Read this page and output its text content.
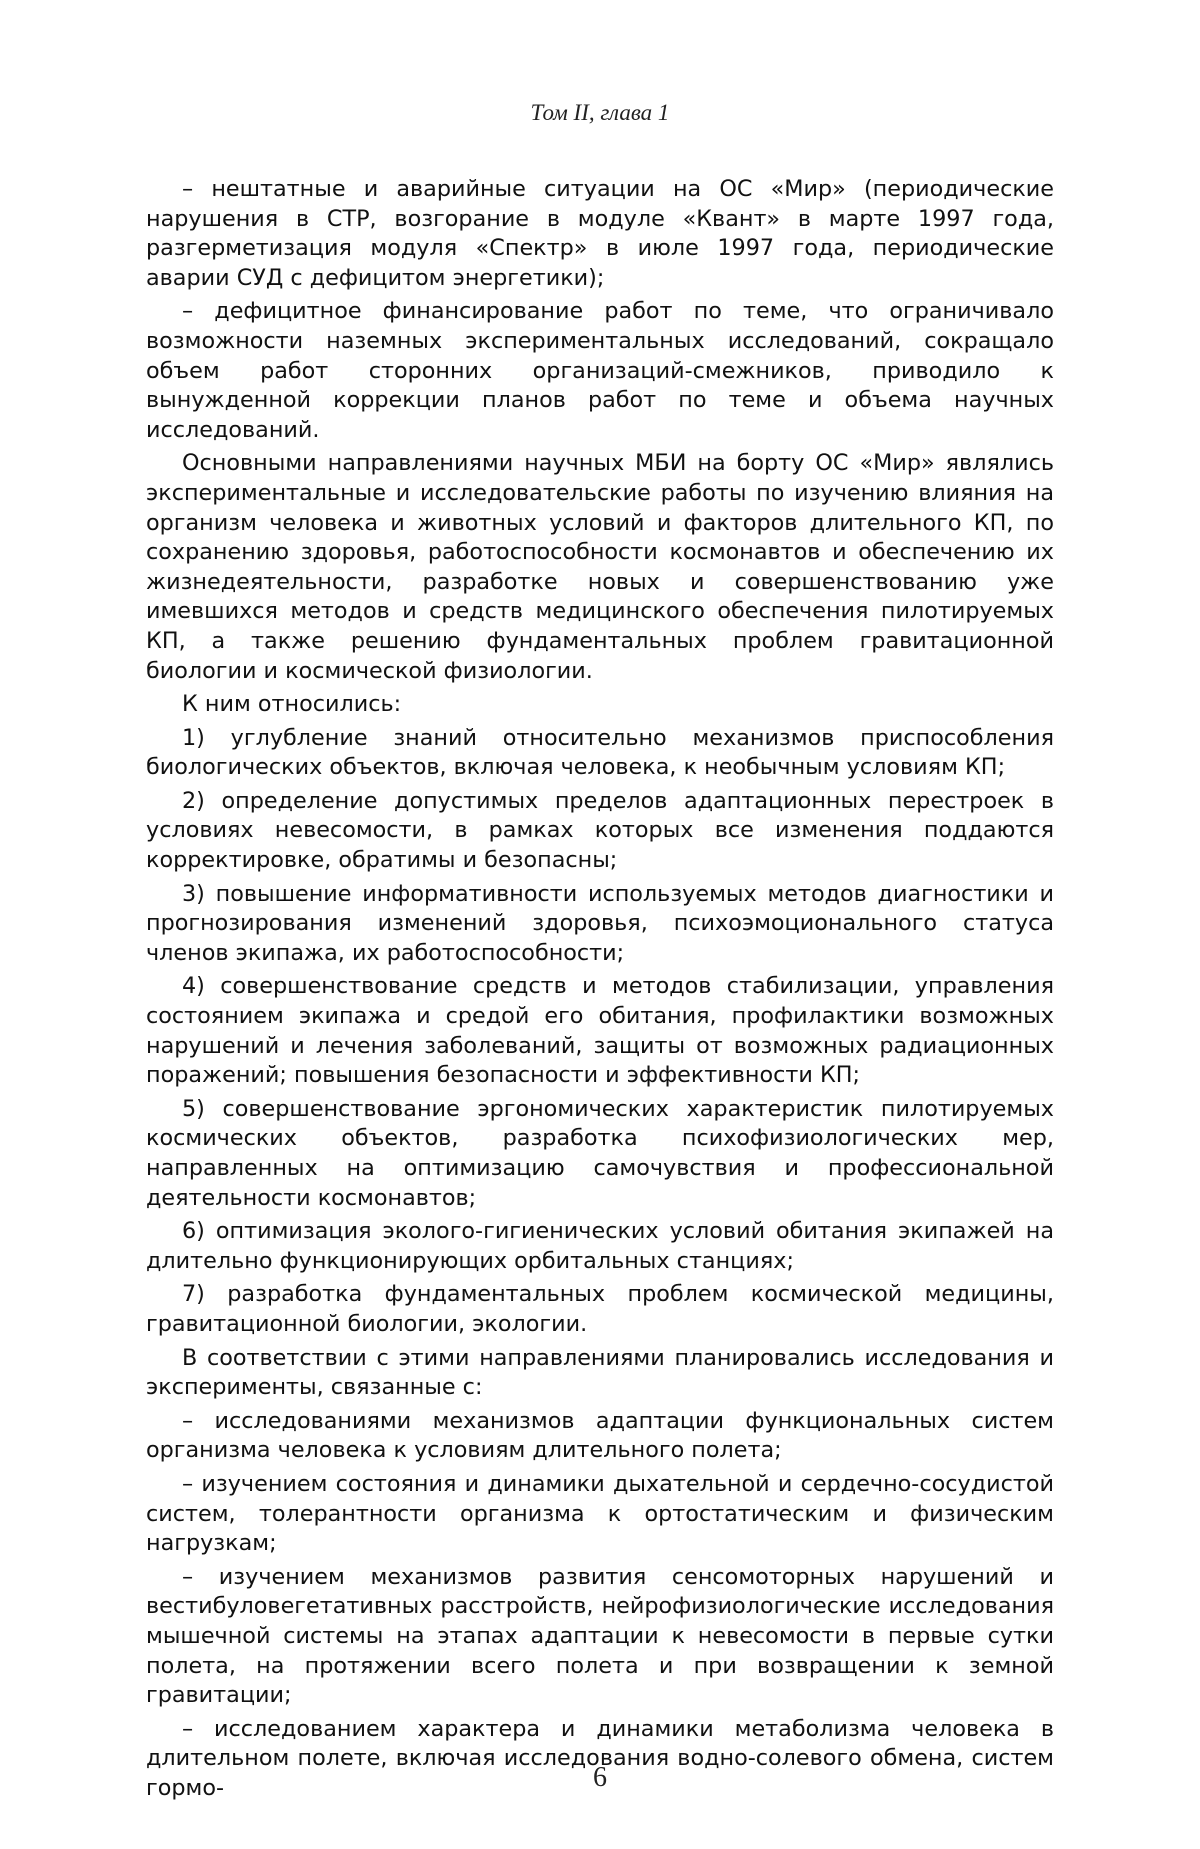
Том II, глава 1

– нештатные и аварийные ситуации на ОС «Мир» (периодические нарушения в СТР, возгорание в модуле «Квант» в марте 1997 года, разгерметизация модуля «Спектр» в июле 1997 года, периодические аварии СУД с дефицитом энергетики);

– дефицитное финансирование работ по теме, что ограничивало возможности наземных экспериментальных исследований, сокращало объем работ сторонних организаций-смежников, приводило к вынужденной коррекции планов работ по теме и объема научных исследований.

Основными направлениями научных МБИ на борту ОС «Мир» являлись экспериментальные и исследовательские работы по изучению влияния на организм человека и животных условий и факторов длительного КП, по сохранению здоровья, работоспособности космонавтов и обеспечению их жизнедеятельности, разработке новых и совершенствованию уже имевшихся методов и средств медицинского обеспечения пилотируемых КП, а также решению фундаментальных проблем гравитационной биологии и космической физиологии.

К ним относились:

1) углубление знаний относительно механизмов приспособления биологических объектов, включая человека, к необычным условиям КП;

2) определение допустимых пределов адаптационных перестроек в условиях невесомости, в рамках которых все изменения поддаются корректировке, обратимы и безопасны;

3) повышение информативности используемых методов диагностики и прогнозирования изменений здоровья, психоэмоционального статуса членов экипажа, их работоспособности;

4) совершенствование средств и методов стабилизации, управления состоянием экипажа и средой его обитания, профилактики возможных нарушений и лечения заболеваний, защиты от возможных радиационных поражений; повышения безопасности и эффективности КП;

5) совершенствование эргономических характеристик пилотируемых космических объектов, разработка психофизиологических мер, направленных на оптимизацию самочувствия и профессиональной деятельности космонавтов;

6) оптимизация эколого-гигиенических условий обитания экипажей на длительно функционирующих орбитальных станциях;

7) разработка фундаментальных проблем космической медицины, гравитационной биологии, экологии.

В соответствии с этими направлениями планировались исследования и эксперименты, связанные с:

– исследованиями механизмов адаптации функциональных систем организма человека к условиям длительного полета;

– изучением состояния и динамики дыхательной и сердечно-сосудистой систем, толерантности организма к ортостатическим и физическим нагрузкам;

– изучением механизмов развития сенсомоторных нарушений и вестибуловегетативных расстройств, нейрофизиологические исследования мышечной системы на этапах адаптации к невесомости в первые сутки полета, на протяжении всего полета и при возвращении к земной гравитации;

– исследованием характера и динамики метаболизма человека в длительном полете, включая исследования водно-солевого обмена, систем гормо-	6
